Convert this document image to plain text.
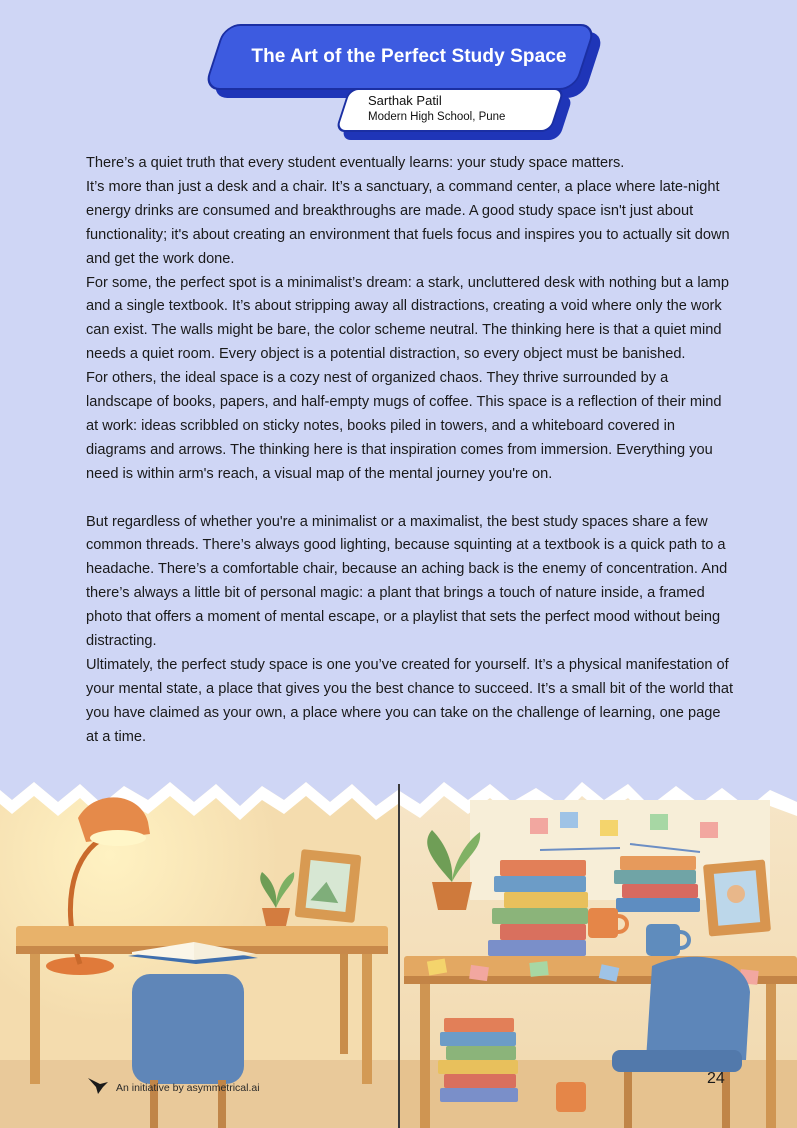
The Art of the Perfect Study Space
Sarthak Patil
Modern High School, Pune

There’s a quiet truth that every student eventually learns: your study space matters.

It’s more than just a desk and a chair. It’s a sanctuary, a command center, a place where late-night energy drinks are consumed and breakthroughs are made. A good study space isn't just about functionality; it's about creating an environment that fuels focus and inspires you to actually sit down and get the work done.

For some, the perfect spot is a minimalist’s dream: a stark, uncluttered desk with nothing but a lamp and a single textbook. It’s about stripping away all distractions, creating a void where only the work can exist. The walls might be bare, the color scheme neutral. The thinking here is that a quiet mind needs a quiet room. Every object is a potential distraction, so every object must be banished.

For others, the ideal space is a cozy nest of organized chaos. They thrive surrounded by a landscape of books, papers, and half-empty mugs of coffee. This space is a reflection of their mind at work: ideas scribbled on sticky notes, books piled in towers, and a whiteboard covered in diagrams and arrows. The thinking here is that inspiration comes from immersion. Everything you need is within arm's reach, a visual map of the mental journey you're on.

But regardless of whether you're a minimalist or a maximalist, the best study spaces share a few common threads. There’s always good lighting, because squinting at a textbook is a quick path to a headache. There’s a comfortable chair, because an aching back is the enemy of concentration. And there’s always a little bit of personal magic: a plant that brings a touch of nature inside, a framed photo that offers a moment of mental escape, or a playlist that sets the perfect mood without being distracting.

Ultimately, the perfect study space is one you’ve created for yourself. It’s a physical manifestation of your mental state, a place that gives you the best chance to succeed. It’s a small bit of the world that you have claimed as your own, a place where you can take on the challenge of learning, one page at a time.

An initiative by asymmetrical.ai
24
